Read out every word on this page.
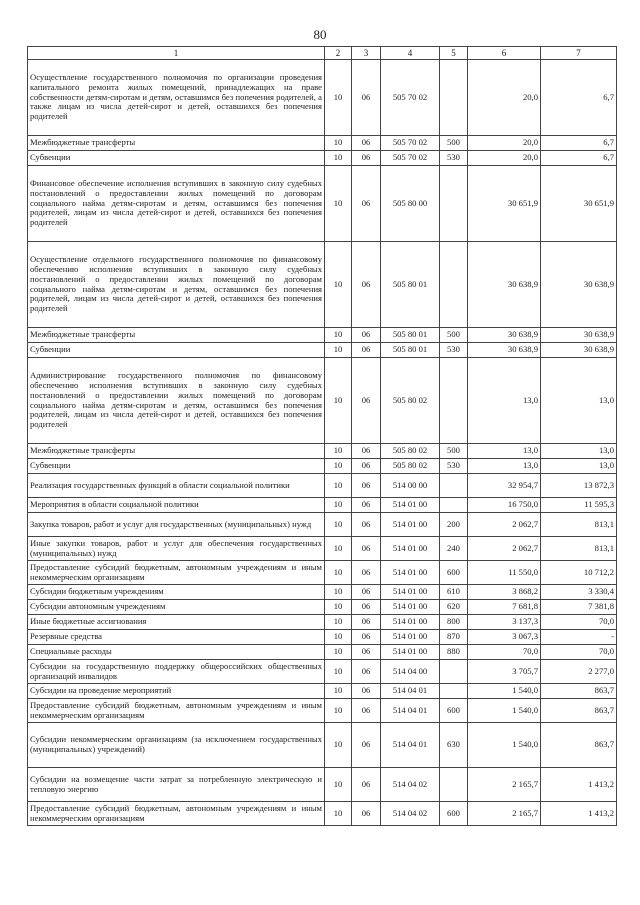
80
1	2	3	4	5	6	7
Осуществление государственного полномочия по организации проведения капитального ремонта жилых помещений, принадлежащих на праве собственности детям-сиротам и детям, оставшимся без попечения родителей, а также лицам из числа детей-сирот и детей, оставшихся без попечения родителей	10	06	505 70 02		20,0	6,7
Межбюджетные трансферты	10	06	505 70 02	500	20,0	6,7
Субвенции	10	06	505 70 02	530	20,0	6,7
Финансовое обеспечение исполнения вступивших в законную силу судебных постановлений о предоставлении жилых помещений по договорам социального найма детям-сиротам и детям, оставшимся без попечения родителей, лицам из числа детей-сирот и детей, оставшихся без попечения родителей	10	06	505 80 00		30 651,9	30 651,9
Осуществление отдельного государственного полномочия по финансовому обеспечению исполнения вступивших в законную силу судебных постановлений о предоставлении жилых помещений по договорам социального найма детям-сиротам и детям, оставшимся без попечения родителей, лицам из числа детей-сирот и детей, оставшихся без попечения родителей	10	06	505 80 01		30 638,9	30 638,9
Межбюджетные трансферты	10	06	505 80 01	500	30 638,9	30 638,9
Субвенции	10	06	505 80 01	530	30 638,9	30 638,9
Администрирование государственного полномочия по финансовому обеспечению исполнения вступивших в законную силу судебных постановлений о предоставлении жилых помещений по договорам социального найма детям-сиротам и детям, оставшимся без попечения родителей, лицам из числа детей-сирот и детей, оставшихся без попечения родителей	10	06	505 80 02		13,0	13,0
Межбюджетные трансферты	10	06	505 80 02	500	13,0	13,0
Субвенции	10	06	505 80 02	530	13,0	13,0
Реализация государственных функций в области социальной политики	10	06	514 00 00		32 954,7	13 872,3
Мероприятия в области социальной политики	10	06	514 01 00		16 750,0	11 595,3
Закупка товаров, работ и услуг для государственных (муниципальных) нужд	10	06	514 01 00	200	2 062,7	813,1
Иные закупки товаров, работ и услуг для обеспечения государственных (муниципальных) нужд	10	06	514 01 00	240	2 062,7	813,1
Предоставление субсидий бюджетным, автономным учреждениям и иным некоммерческим организациям	10	06	514 01 00	600	11 550,0	10 712,2
Субсидии бюджетным учреждениям	10	06	514 01 00	610	3 868,2	3 330,4
Субсидии автономным учреждениям	10	06	514 01 00	620	7 681,8	7 381,8
Иные бюджетные ассигнования	10	06	514 01 00	800	3 137,3	70,0
Резервные средства	10	06	514 01 00	870	3 067,3	-
Специальные расходы	10	06	514 01 00	880	70,0	70,0
Субсидии на государственную поддержку общероссийских общественных организаций инвалидов	10	06	514 04 00		3 705,7	2 277,0
Субсидии на проведение мероприятий	10	06	514 04 01		1 540,0	863,7
Предоставление субсидий бюджетным, автономным учреждениям и иным некоммерческим организациям	10	06	514 04 01	600	1 540,0	863,7
Субсидии некоммерческим организациям (за исключением государственных (муниципальных) учреждений)	10	06	514 04 01	630	1 540,0	863,7
Субсидии на возмещение части затрат за потребленную электрическую и тепловую энергию	10	06	514 04 02		2 165,7	1 413,2
Предоставление субсидий бюджетным, автономным учреждениям и иным некоммерческим организациям	10	06	514 04 02	600	2 165,7	1 413,2
